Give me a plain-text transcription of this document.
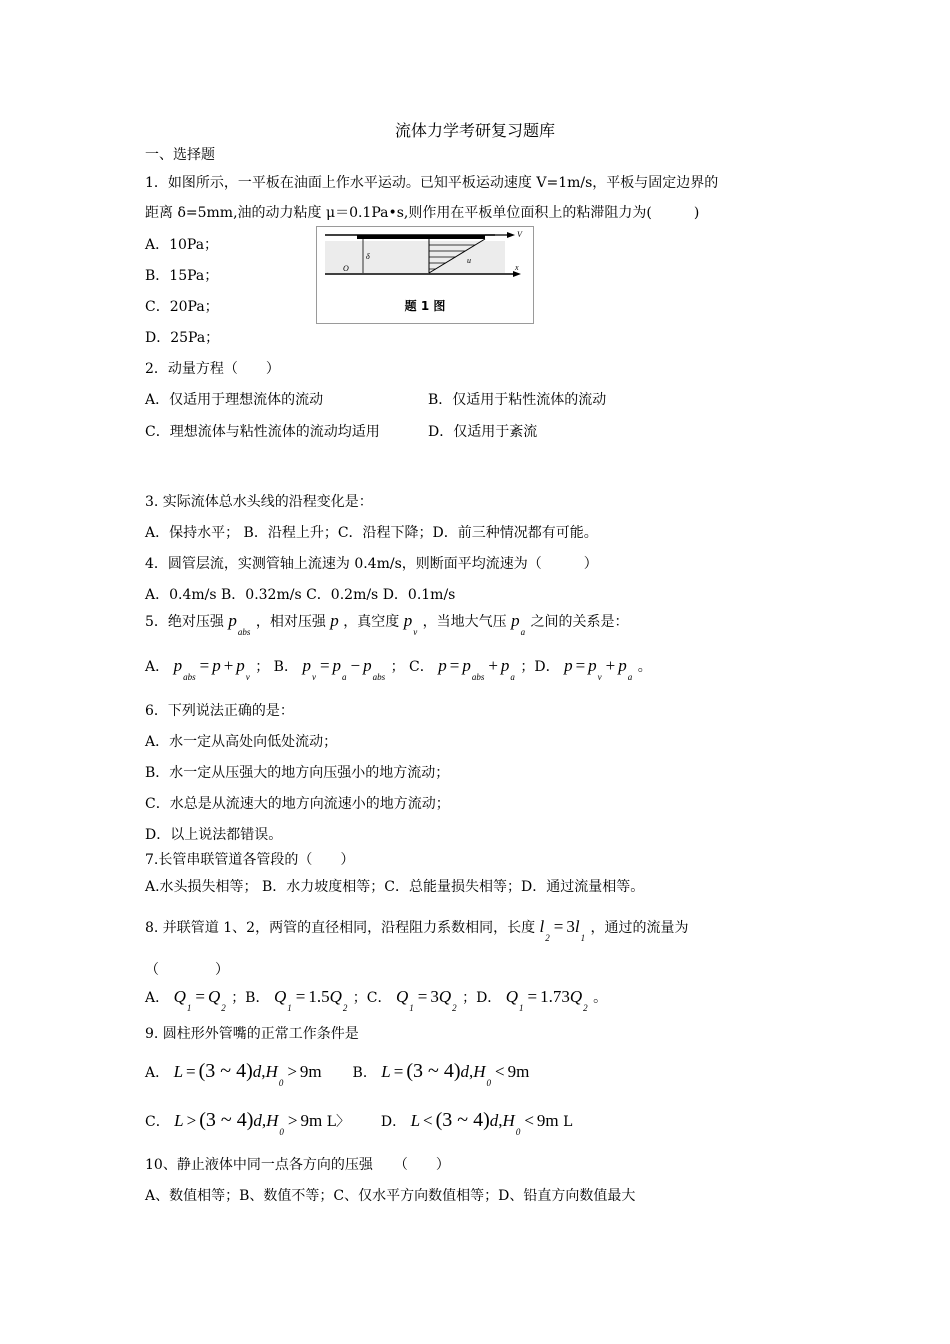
流体力学考研复习题库
一、选择题
1．如图所示，一平板在油面上作水平运动。已知平板运动速度 V=1m/s，平板与固定边界的
距离 δ=5mm,油的动力粘度 μ＝0.1Pa•s,则作用在平板单位面积上的粘滞阻力为(　　　)
A．10Pa；
B．15Pa；
C．20Pa；
D．25Pa；
V
x
O
δ	u
题 1 图
2．动量方程（　　）
A．仅适用于理想流体的流动	B．仅适用于粘性流体的流动
C．理想流体与粘性流体的流动均适用	D．仅适用于紊流
3. 实际流体总水头线的沿程变化是：
A．保持水平； B．沿程上升；C．沿程下降；D．前三种情况都有可能。
4．圆管层流，实测管轴上流速为 0.4m/s，则断面平均流速为（　　　）
A．0.4m/s B．0.32m/s C．0.2m/s D．0.1m/s
5．绝对压强 $p_{abs}$ ，相对压强 p ，真空度 $p_v$ ，当地大气压 $p_a$ 之间的关系是：
A． $p_{abs}= p + p_v$ ； B． $p_v= p_a- p_{abs}$ ； C． $p = p_{abs}+ p_a$ ；D． $p = p_v+ p_a$ 。
6．下列说法正确的是：
A．水一定从高处向低处流动；
B．水一定从压强大的地方向压强小的地方流动；
C．水总是从流速大的地方向流速小的地方流动；
D．以上说法都错误。
7.长管串联管道各管段的（　　）
A.水头损失相等； B．水力坡度相等；C．总能量损失相等；D．通过流量相等。
8. 并联管道 1、2，两管的直径相同，沿程阻力系数相同，长度 $l_2= 3l_1$ ，通过的流量为
（　　　　）
A． $Q_1= Q_2$ ；B． $Q_1= 1.5Q_2$ ；C． $Q_1= 3Q_2$ ；D． $Q_1= 1.73Q_2$ 。
9. 圆柱形外管嘴的正常工作条件是
A． L = (3 ~ $4)d,H_0> 9m$ B． L = (3 ~ $4)d,H_0< 9m$
C． L > (3 ~ $4)d,H_0> 9m$ L〉 D． L < (3 ~ $4)d,H_0< 9m$ L
10、静止液体中同一点各方向的压强　　（　　）
A、数值相等；B、数值不等；C、仅水平方向数值相等；D、铅直方向数值最大
